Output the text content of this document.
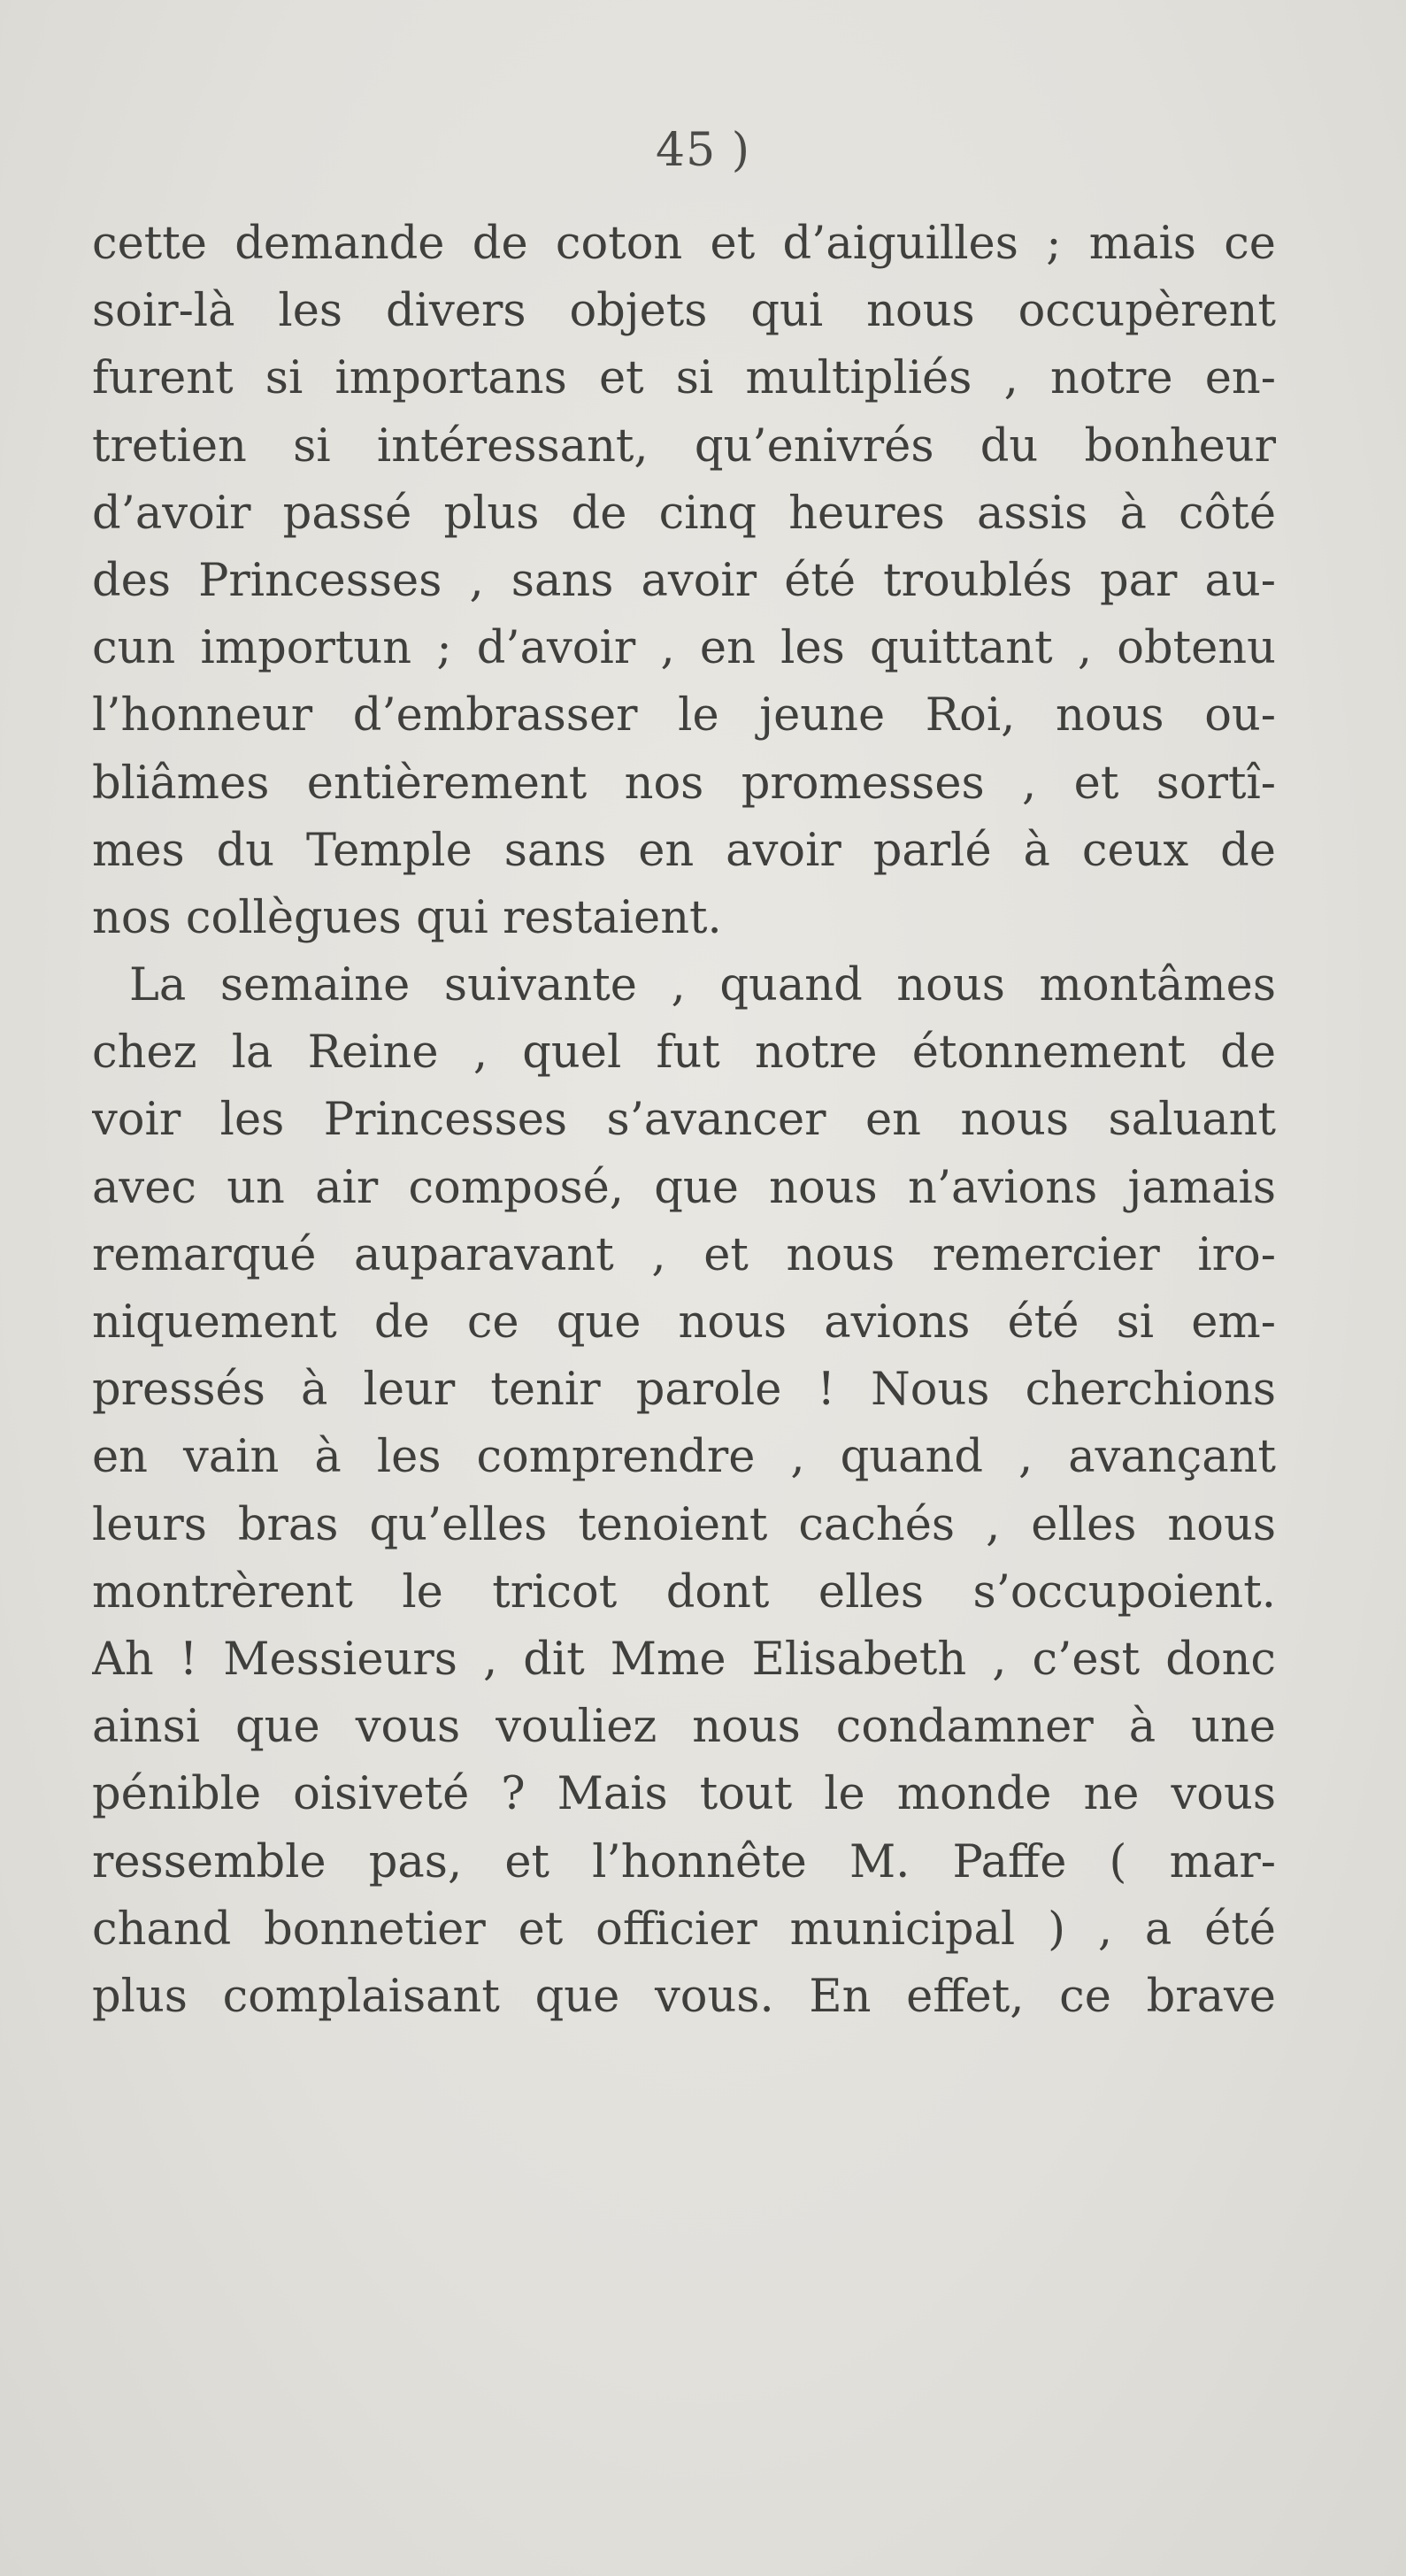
45 )
cette demande de coton et d’aiguilles ; mais ce
soir-là les divers objets qui nous occupèrent
furent si importans et si multipliés , notre en-
tretien si intéressant, qu’enivrés du bonheur
d’avoir passé plus de cinq heures assis à côté
des Princesses , sans avoir été troublés par au-
cun importun ; d’avoir , en les quittant , obtenu
l’honneur d’embrasser le jeune Roi, nous ou-
bliâmes entièrement nos promesses , et sortî-
mes du Temple sans en avoir parlé à ceux de
nos collègues qui restaient.
La semaine suivante , quand nous montâmes
chez la Reine , quel fut notre étonnement de
voir les Princesses s’avancer en nous saluant
avec un air composé, que nous n’avions jamais
remarqué auparavant , et nous remercier iro-
niquement de ce que nous avions été si em-
pressés à leur tenir parole ! Nous cherchions
en vain à les comprendre , quand , avançant
leurs bras qu’elles tenoient cachés , elles nous
montrèrent le tricot dont elles s’occupoient.
Ah ! Messieurs , dit Mme Elisabeth , c’est donc
ainsi que vous vouliez nous condamner à une
pénible oisiveté ? Mais tout le monde ne vous
ressemble pas, et l’honnête M. Paffe ( mar-
chand bonnetier et officier municipal ) , a été
plus complaisant que vous. En effet, ce brave
